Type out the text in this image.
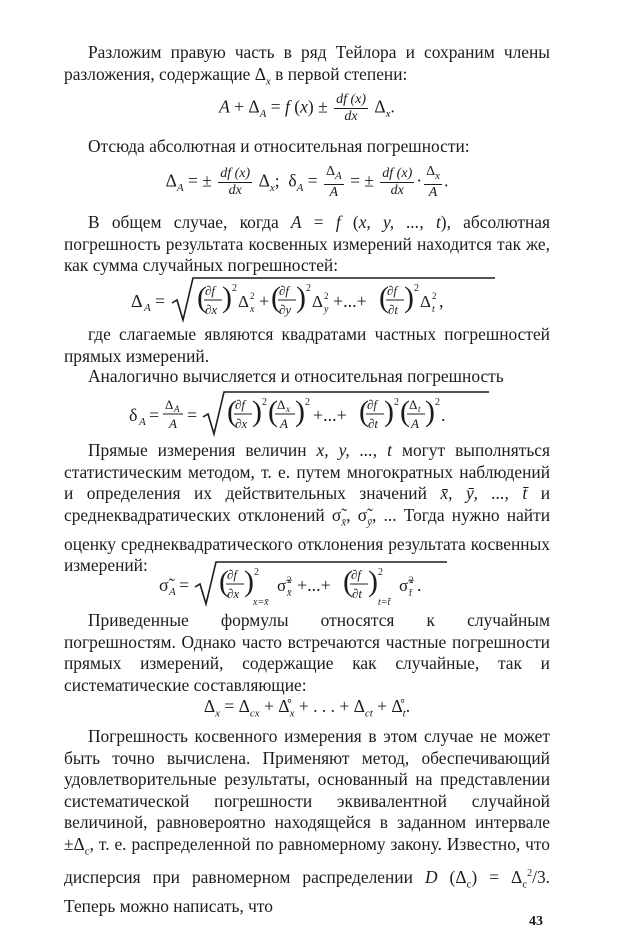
Разложим правую часть в ряд Тейлора и сохраним члены разложения, содержащие $\Delta_x$ в первой степени:
$A + \Delta_A = f$ $(x) \pm \frac{df (x)}{dx} \Delta_x$.
Отсюда абсолютная и относительная погрешности:
$\Delta_A$ = ± $\frac{df (x)}{dx} \Delta_x$;  $\delta_A = \frac{\Delta_A}{A}$ = ± $\frac{df (x)}{dx} \cdot \frac{\Delta_x}{A}$ .
В общем случае, когда A = f (x, y, ..., t), абсолютная погрешность результата косвенных измерений находится так же, как сумма случайных погрешностей:
Δ A = (
∂f
∂x ) 2
Δ 2
x + (
∂f
∂y ) 2
Δ 2
y +...+ (
∂f
∂t ) 2
Δ 2
t ,
где слагаемые являются квадратами частных погрешностей прямых измерений.
Аналогично вычисляется и относительная погрешность
δ A =
Δ A
A = (
∂f
∂x ) 2 ( Δ x
A ) 2
+...+ (
∂f
∂t ) 2 ( Δ t
A ) 2
.
Прямые измерения величин x, y, ..., t могут выполняться статистическим методом, т. е. путем многократных наблюдений и определения их действительных значений x̄, ȳ, ..., t̄ и среднеквадратических отклонений $\sigmã_{x̄}$, $\sigmã_ȳ$, ... Тогда нужно найти оценку среднеквадратического отклонения результата косвенных измерений:
σ̃ A = (
∂f
∂x ) 2
x=x̄
σ̃ 2
x̄ +...+ (
∂f
∂t ) 2
t=t̄
σ̃ 2
t̄ .
Приведенные формулы относятся к случайным погрешностям. Однако часто встречаются частные погрешности прямых измерений, содержащие как случайные, так и систематические составляющие:
$\Delta_x = \Delta_{cx}$ + $\Deltå_x$ + . . . + $\Delta_{ct}$ + $\Deltå_t$.
Погрешность косвенного измерения в этом случае не может быть точно вычислена. Применяют метод, обеспечивающий удовлетворительные результаты, основанный на представлении систематической погрешности эквивалентной случайной величиной, равновероятно находящейся в заданном интервале $\pm\Delta_c$, т. е. распределенной по равномерному закону. Известно, что дисперсия при равномерном распределении D $(\Delta_c) = \Delta_c^2/3$. Теперь можно написать, что
43
